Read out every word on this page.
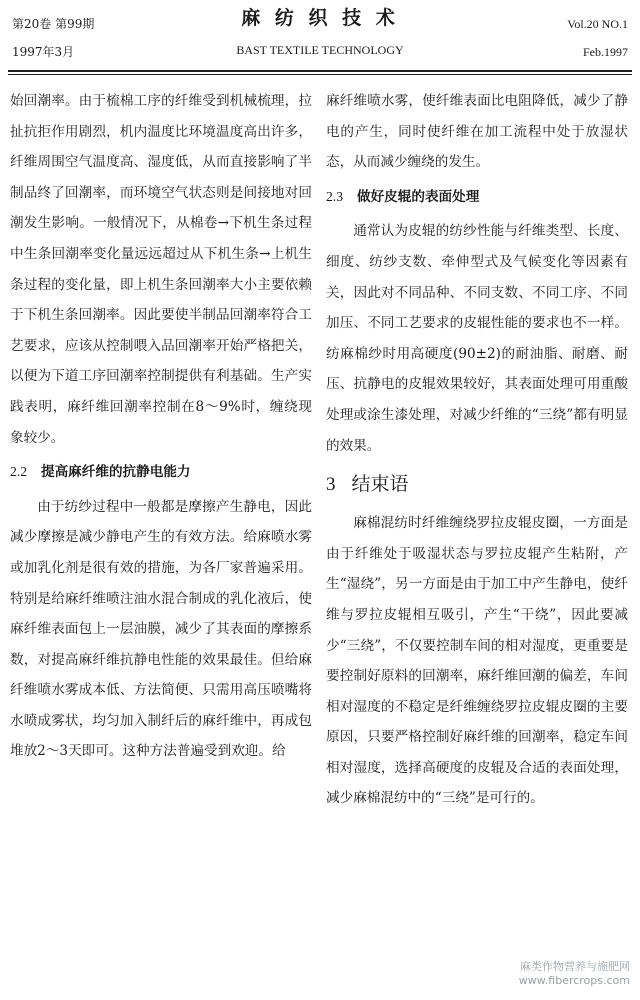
第20卷 第99期
1997年3月
麻 纺 织 技 术
BAST TEXTILE TECHNOLOGY
Vol.20 NO.1
Feb.1997

始回潮率。由于梳棉工序的纤维受到机械梳理，拉扯抗拒作用剧烈，机内温度比环境温度高出许多，纤维周围空气温度高、湿度低，从而直接影响了半制品终了回潮率，而环境空气状态则是间接地对回潮发生影响。一般情况下，从棉卷→下机生条过程中生条回潮率变化量远远超过从下机生条→上机生条过程的变化量，即上机生条回潮率大小主要依赖于下机生条回潮率。因此要使半制品回潮率符合工艺要求，应该从控制喂入品回潮率开始严格把关，以便为下道工序回潮率控制提供有利基础。生产实践表明，麻纤维回潮率控制在8～9%时，缠绕现象较少。

2.2 提高麻纤维的抗静电能力

由于纺纱过程中一般都是摩擦产生静电，因此减少摩擦是减少静电产生的有效方法。给麻喷水雾或加乳化剂是很有效的措施，为各厂家普遍采用。特别是给麻纤维喷注油水混合制成的乳化液后，使麻纤维表面包上一层油膜，减少了其表面的摩擦系数，对提高麻纤维抗静电性能的效果最佳。但给麻纤维喷水雾成本低、方法简便、只需用高压喷嘴将水喷成雾状，均匀加入制纤后的麻纤维中，再成包堆放2～3天即可。这种方法普遍受到欢迎。给

麻纤维喷水雾，使纤维表面比电阻降低，减少了静电的产生，同时使纤维在加工流程中处于放湿状态，从而减少缠绕的发生。

2.3 做好皮辊的表面处理

通常认为皮辊的纺纱性能与纤维类型、长度、细度、纺纱支数、牵伸型式及气候变化等因素有关，因此对不同品种、不同支数、不同工序、不同加压、不同工艺要求的皮辊性能的要求也不一样。纺麻棉纱时用高硬度(90±2)的耐油脂、耐磨、耐压、抗静电的皮辊效果较好，其表面处理可用重酸处理或涂生漆处理，对减少纤维的“三绕”都有明显的效果。

3 结束语

麻棉混纺时纤维缠绕罗拉皮辊皮圈，一方面是由于纤维处于吸湿状态与罗拉皮辊产生粘附，产生“湿绕”，另一方面是由于加工中产生静电，使纤维与罗拉皮辊相互吸引，产生“干绕”，因此要减少“三绕”，不仅要控制车间的相对湿度，更重要是要控制好原料的回潮率，麻纤维回潮的偏差，车间相对湿度的不稳定是纤维缠绕罗拉皮辊皮圈的主要原因，只要严格控制好麻纤维的回潮率，稳定车间相对湿度，选择高硬度的皮辊及合适的表面处理，减少麻棉混纺中的“三绕”是可行的。

麻类作物营养与施肥网
www.fibercrops.com
